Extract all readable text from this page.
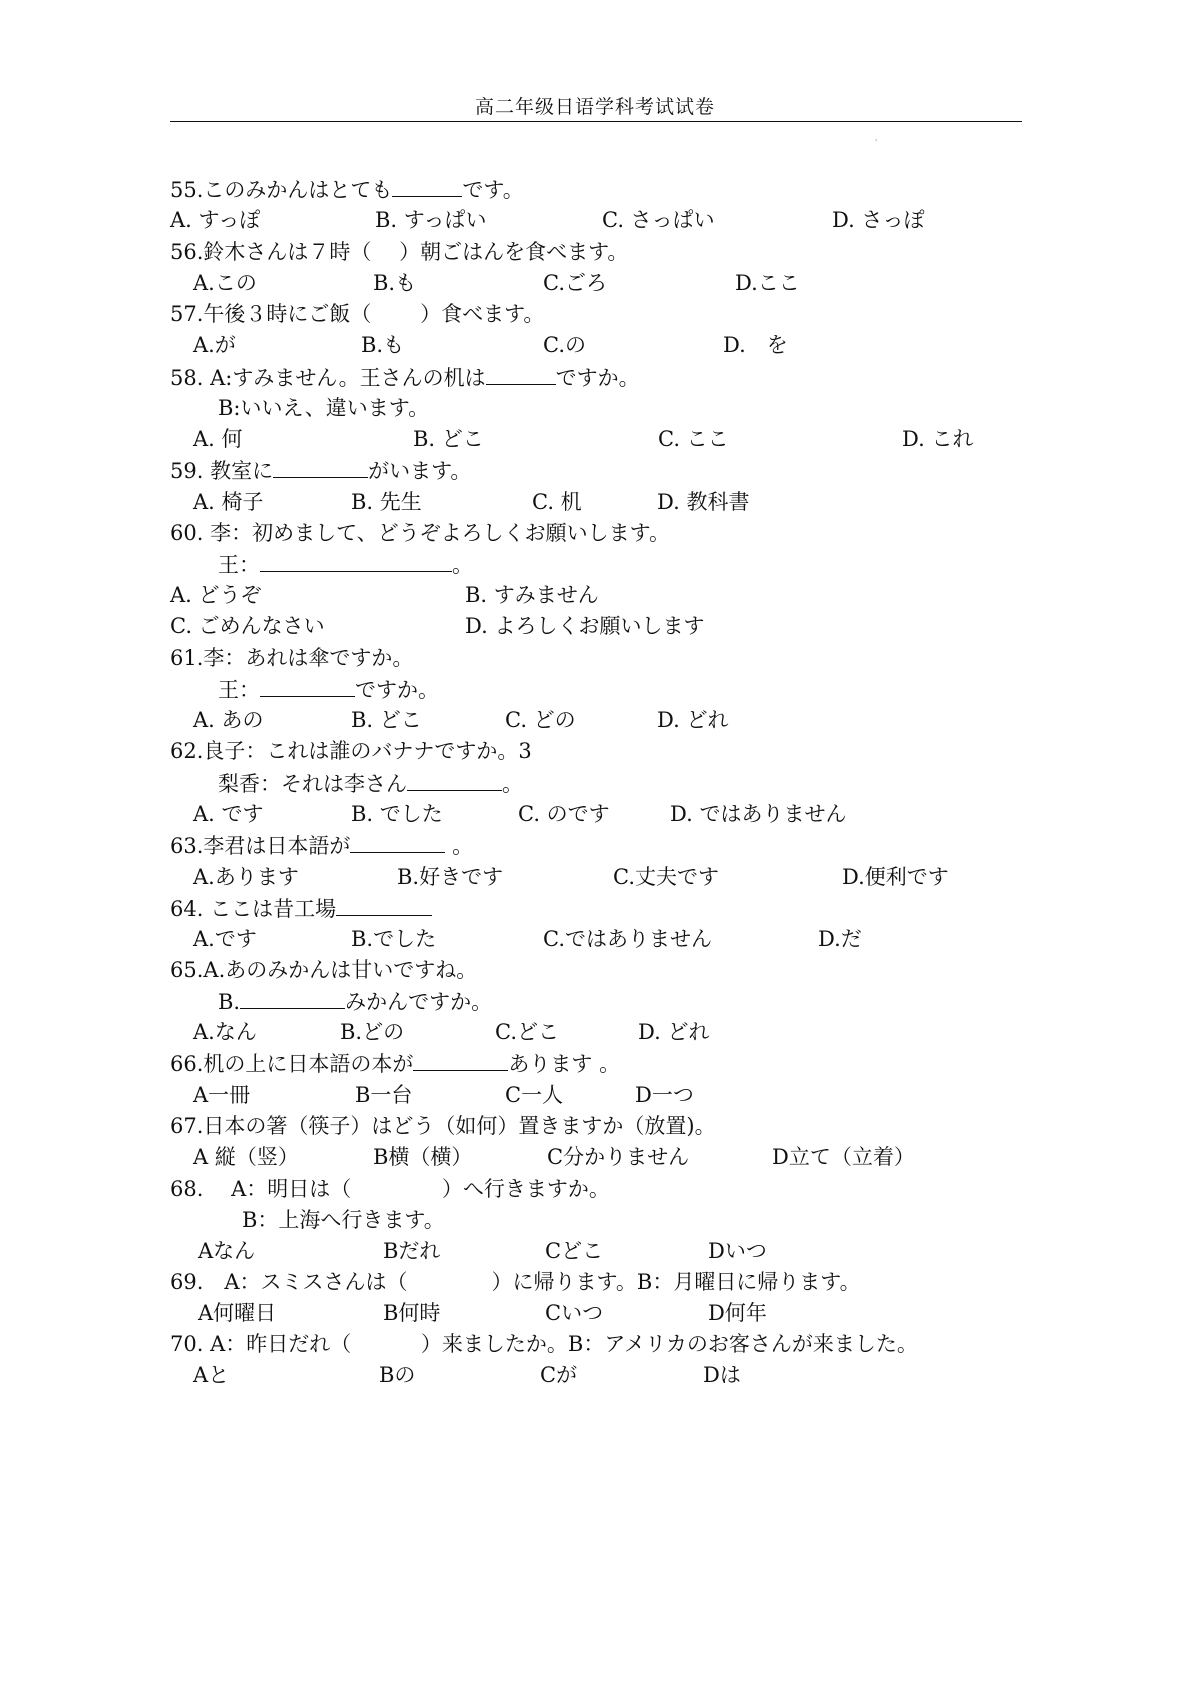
高二年级日语学科考试试卷
'
55.このみかんはとても	です。
A. すっぽ	B. すっぱい	C. さっぱい	D. さっぽ
56.鈴木さんは７時（　 ）朝ごはんを食べます。
A.この	B.も	C.ごろ	D.ここ
57.午後３時にご飯（　　 ）食べます。
A.が	B.も	C.の	D.　を
58. A:すみません。王さんの机は	ですか。
B:いいえ、違います。
A. 何	B. どこ	C. ここ	D. これ
59. 教室に	がいます。
A. 椅子	B. 先生	C. 机	D. 教科書
60. 李：初めまして、どうぞよろしくお願いします。
王：	。
A. どうぞ	B. すみません
C. ごめんなさい	D. よろしくお願いします
61.李：あれは傘ですか。
王：	ですか。
A. あの	B. どこ	C. どの	D. どれ
62.良子：これは誰のバナナですか。3
梨香：それは李さん	。
A. です	B. でした	C. のです	D. ではありません
63.李君は日本語が	。
A.あります	B.好きです	C.丈夫です	D.便利です
64. ここは昔工場
A.です	B.でした	C.ではありません	D.だ
65.A.あのみかんは甘いですね。
B.	みかんですか。
A.なん	B.どの	C.どこ	D. どれ
66.机の上に日本語の本が	あります 。
A一冊	B一台	C一人	D一つ
67.日本の箸（筷子）はどう（如何）置きますか（放置)。
A 縦（竖）	B横（横）	C分かりません	D立て（立着）
68.　 A：明日は（　　　　 ）へ行きますか。
B：上海へ行きます。
Aなん	Bだれ	Cどこ	Dいつ
69.　A：スミスさんは（　　　　）に帰ります。B：月曜日に帰ります。
A何曜日	B何時	Cいつ	D何年
70. A：昨日だれ（　　　 ）来ましたか。B：アメリカのお客さんが来ました。
Aと	Bの	Cが	Dは
